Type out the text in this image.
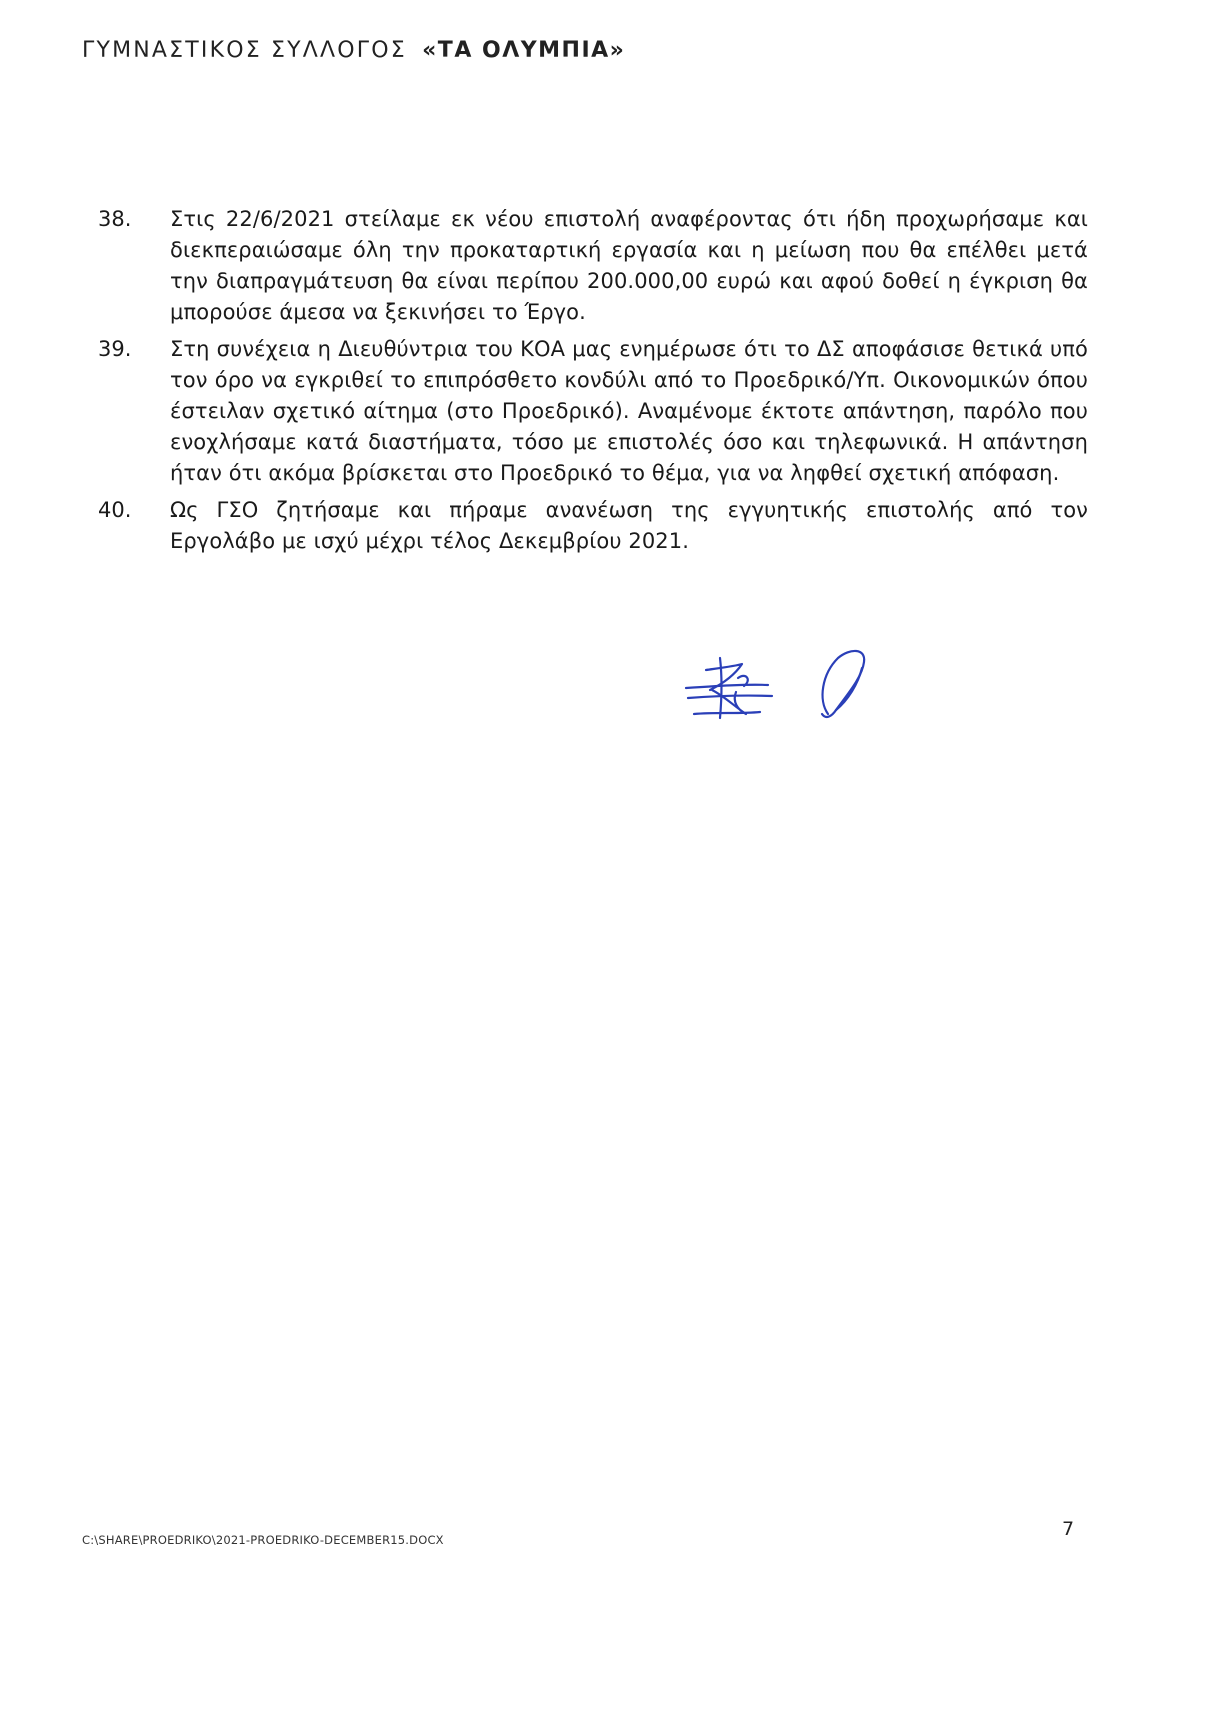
ΓΥΜΝΑΣΤΙΚΟΣ ΣΥΛΛΟΓΟΣ «ΤΑ ΟΛΥΜΠΙΑ»
38.	Στις 22/6/2021 στείλαμε εκ νέου επιστολή αναφέροντας ότι ήδη προχωρήσαμε και διεκπεραιώσαμε όλη την προκαταρτική εργασία και η μείωση που θα επέλθει μετά την διαπραγμάτευση θα είναι περίπου 200.000,00 ευρώ και αφού δοθεί η έγκριση θα μπορούσε άμεσα να ξεκινήσει το Έργο.
39.	Στη συνέχεια η Διευθύντρια του ΚΟΑ μας ενημέρωσε ότι το ΔΣ αποφάσισε θετικά υπό τον όρο να εγκριθεί το επιπρόσθετο κονδύλι από το Προεδρικό/Υπ. Οικονομικών όπου έστειλαν σχετικό αίτημα (στο Προεδρικό). Αναμένομε έκτοτε απάντηση, παρόλο που ενοχλήσαμε κατά διαστήματα, τόσο με επιστολές όσο και τηλεφωνικά. Η απάντηση ήταν ότι ακόμα βρίσκεται στο Προεδρικό το θέμα, για να ληφθεί σχετική απόφαση.
40.	Ως ΓΣΟ ζητήσαμε και πήραμε ανανέωση της εγγυητικής επιστολής από τον Εργολάβο με ισχύ μέχρι τέλος Δεκεμβρίου 2021.
C:\SHARE\PROEDRIKO\2021-PROEDRIKO-DECEMBER15.DOCX	7
